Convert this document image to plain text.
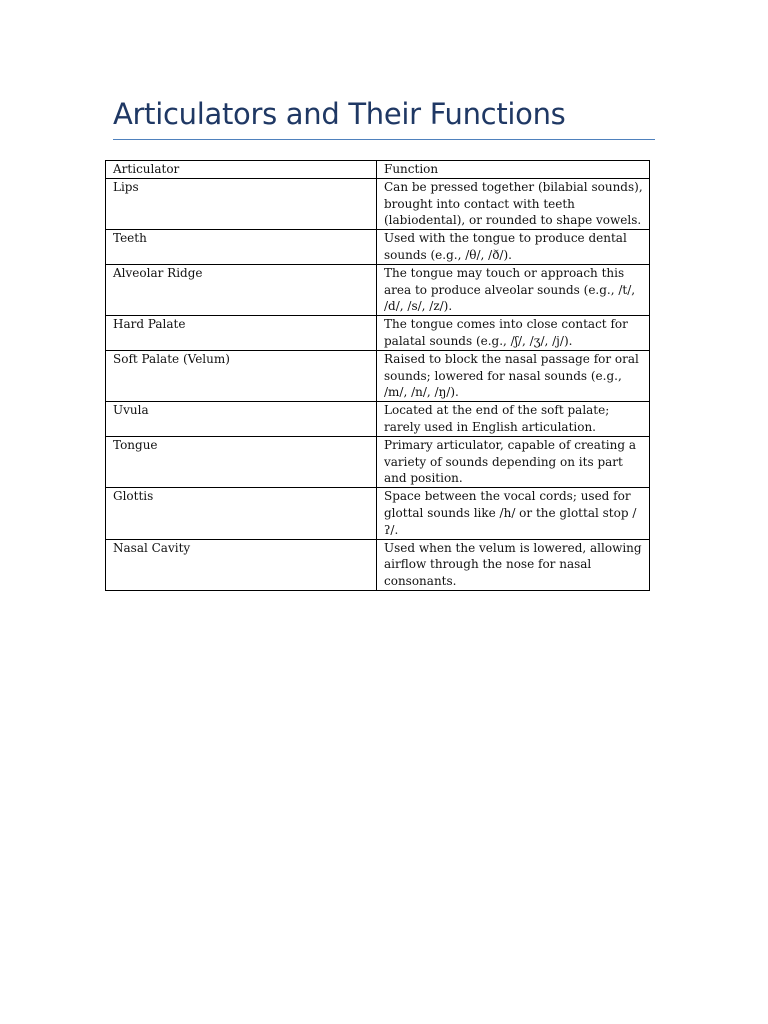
Articulators and Their Functions
Articulator	Function
Lips	Can be pressed together (bilabial sounds), brought into contact with teeth (labiodental), or rounded to shape vowels.
Teeth	Used with the tongue to produce dental sounds (e.g., /θ/, /ð/).
Alveolar Ridge	The tongue may touch or approach this area to produce alveolar sounds (e.g., /t/, /d/, /s/, /z/).
Hard Palate	The tongue comes into close contact for palatal sounds (e.g., /ʃ/, /ʒ/, /j/).
Soft Palate (Velum)	Raised to block the nasal passage for oral sounds; lowered for nasal sounds (e.g., /m/, /n/, /ŋ/).
Uvula	Located at the end of the soft palate; rarely used in English articulation.
Tongue	Primary articulator, capable of creating a variety of sounds depending on its part and position.
Glottis	Space between the vocal cords; used for glottal sounds like /h/ or the glottal stop /ʔ/.
Nasal Cavity	Used when the velum is lowered, allowing airflow through the nose for nasal consonants.
